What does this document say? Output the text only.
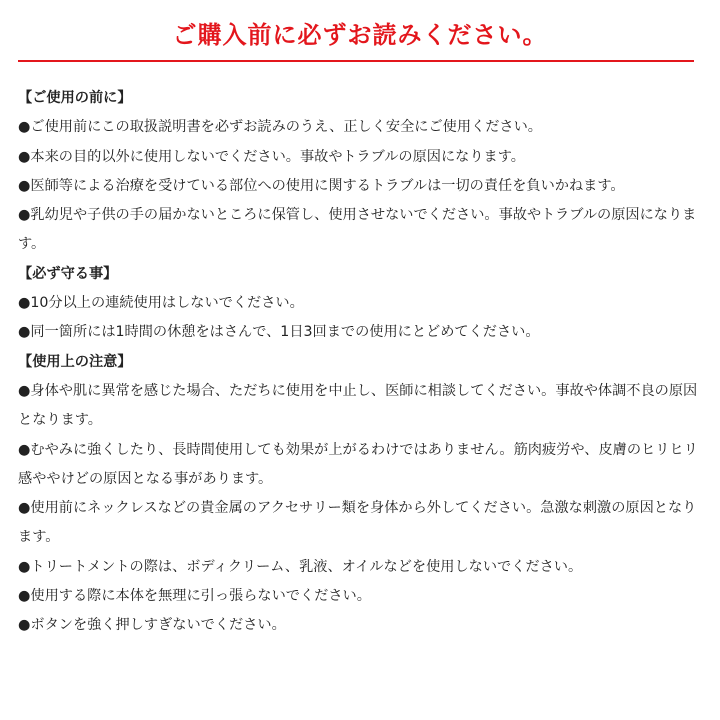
ご購入前に必ずお読みください。

【ご使用の前に】

●ご使用前にこの取扱説明書を必ずお読みのうえ、正しく安全にご使用ください。

●本来の目的以外に使用しないでください。事故やトラブルの原因になります。

●医師等による治療を受けている部位への使用に関するトラブルは一切の責任を負いかねます。

●乳幼児や子供の手の届かないところに保管し、使用させないでください。事故やトラブルの原因になります。

【必ず守る事】

●10分以上の連続使用はしないでください。

●同一箇所には1時間の休憩をはさんで、1日3回までの使用にとどめてください。

【使用上の注意】

●身体や肌に異常を感じた場合、ただちに使用を中止し、医師に相談してください。事故や体調不良の原因となります。

●むやみに強くしたり、長時間使用しても効果が上がるわけではありません。筋肉疲労や、皮膚のヒリヒリ感ややけどの原因となる事があります。

●使用前にネックレスなどの貴金属のアクセサリー類を身体から外してください。急激な刺激の原因となります。

●トリートメントの際は、ボディクリーム、乳液、オイルなどを使用しないでください。

●使用する際に本体を無理に引っ張らないでください。

●ボタンを強く押しすぎないでください。
